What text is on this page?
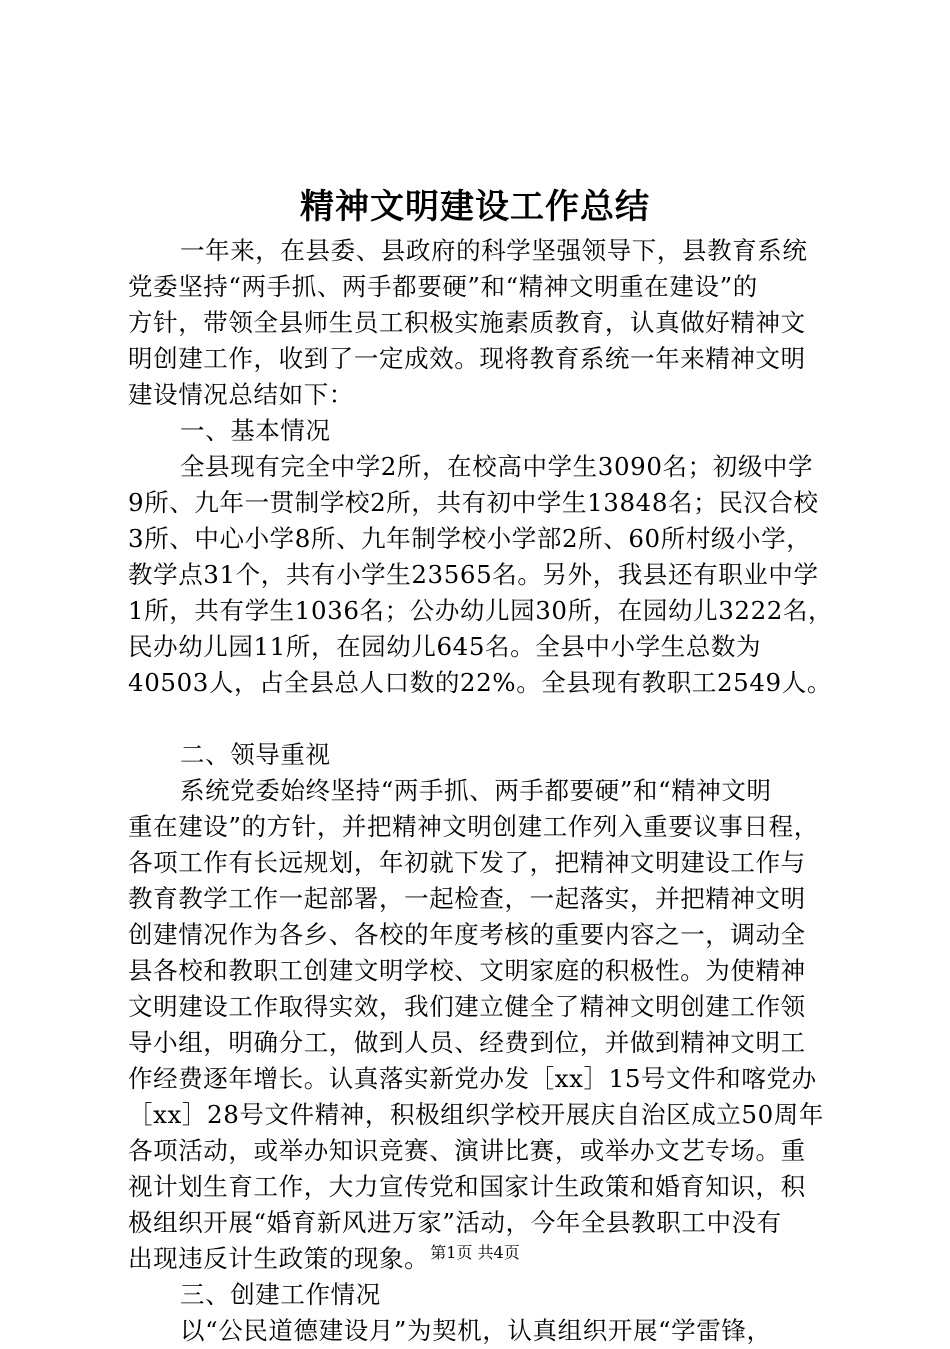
精神文明建设工作总结
一年来，在县委、县政府的科学坚强领导下，县教育系统
党委坚持“两手抓、两手都要硬”和“精神文明重在建设”的
方针，带领全县师生员工积极实施素质教育，认真做好精神文
明创建工作，收到了一定成效。现将教育系统一年来精神文明
建设情况总结如下：
一、基本情况
全县现有完全中学2所，在校高中学生3090名；初级中学
9所、九年一贯制学校2所，共有初中学生13848名；民汉合校
3所、中心小学8所、九年制学校小学部2所、60所村级小学，
教学点31个，共有小学生23565名。另外，我县还有职业中学
1所，共有学生1036名；公办幼儿园30所，在园幼儿3222名，
民办幼儿园11所，在园幼儿645名。全县中小学生总数为
40503人，占全县总人口数的22%。全县现有教职工2549人。
二、领导重视
系统党委始终坚持“两手抓、两手都要硬”和“精神文明
重在建设”的方针，并把精神文明创建工作列入重要议事日程，
各项工作有长远规划，年初就下发了，把精神文明建设工作与
教育教学工作一起部署，一起检查，一起落实，并把精神文明
创建情况作为各乡、各校的年度考核的重要内容之一，调动全
县各校和教职工创建文明学校、文明家庭的积极性。为使精神
文明建设工作取得实效，我们建立健全了精神文明创建工作领
导小组，明确分工，做到人员、经费到位，并做到精神文明工
作经费逐年增长。认真落实新党办发［xx］15号文件和喀党办
［xx］28号文件精神，积极组织学校开展庆自治区成立50周年
各项活动，或举办知识竞赛、演讲比赛，或举办文艺专场。重
视计划生育工作，大力宣传党和国家计生政策和婚育知识，积
极组织开展“婚育新风进万家”活动，今年全县教职工中没有
出现违反计生政策的现象。
三、创建工作情况
以“公民道德建设月”为契机，认真组织开展“学雷锋，
第1页 共4页
